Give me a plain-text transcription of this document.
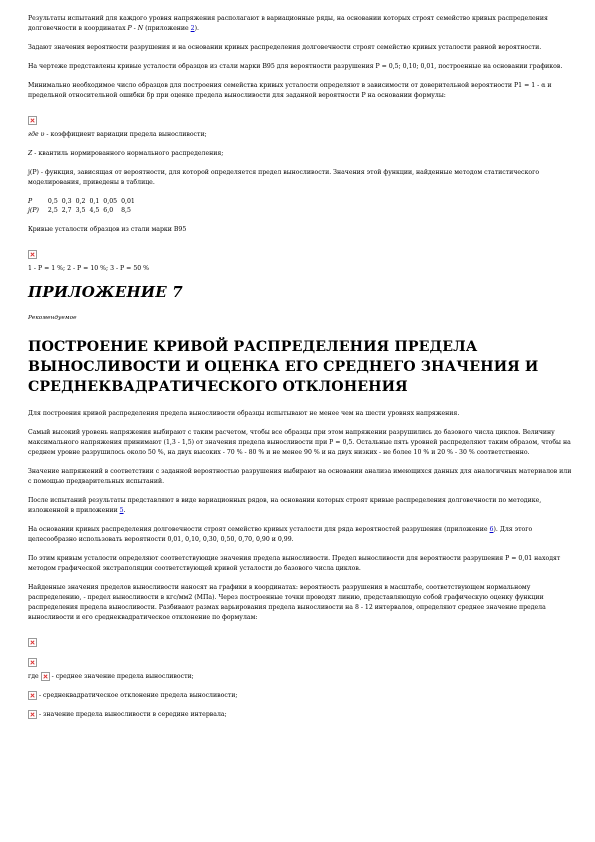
Результаты испытаний для каждого уровня напряжения располагают в вариационные ряды, на основании которых строят семейство кривых распределения долговечности в координатах P - N (приложение 2).

Задают значения вероятности разрушения и на основании кривых распределения долговечности строят семейство кривых усталости равной вероятности.

На чертеже представлены кривые усталости образцов из стали марки В95 для вероятности разрушения P = 0,5; 0,10; 0,01, построенные на основании графиков.

Минимально необходимое число образцов для построения семейства кривых усталости определяют в зависимости от доверительной вероятности P1 = 1 - α и предельной относительной ошибки δp при оценке предела выносливости для заданной вероятности P на основании формулы:

где υ - коэффициент вариации предела выносливости;

Z - квантиль нормированного нормального распределения;

j(P) - функция, зависящая от вероятности, для которой определяется предел выносливости. Значения этой функции, найденные методом статистического моделирования, приведены в таблице.

P	0,5	0,3	0,2	0,1	0,05	0,01
j(P)	2,5	2,7	3,5	4,5	6,0	8,5

Кривые усталости образцов из стали марки В95

1 - P = 1 %; 2 - P = 10 %; 3 - P = 50 %

ПРИЛОЖЕНИЕ 7

Рекомендуемое

ПОСТРОЕНИЕ КРИВОЙ РАСПРЕДЕЛЕНИЯ ПРЕДЕЛА ВЫНОСЛИВОСТИ И ОЦЕНКА ЕГО СРЕДНЕГО ЗНАЧЕНИЯ И СРЕДНЕКВАДРАТИЧЕСКОГО ОТКЛОНЕНИЯ

Для построения кривой распределения предела выносливости образцы испытывают не менее чем на шести уровнях напряжения.

Самый высокий уровень напряжения выбирают с таким расчетом, чтобы все образцы при этом напряжении разрушились до базового числа циклов. Величину максимального напряжения принимают (1,3 - 1,5) от значения предела выносливости при P = 0,5. Остальные пять уровней распределяют таким образом, чтобы на среднем уровне разрушилось около 50 %, на двух высоких - 70 % - 80 % и не менее 90 % и на двух низких - не более 10 % и 20 % - 30 % соответственно.

Значение напряжений в соответствии с заданной вероятностью разрушения выбирают на основании анализа имеющихся данных для аналогичных материалов или с помощью предварительных испытаний.

После испытаний результаты представляют в виде вариационных рядов, на основании которых строят кривые распределения долговечности по методике, изложенной в приложении 5.

На основании кривых распределения долговечности строят семейство кривых усталости для ряда вероятностей разрушения (приложение 6). Для этого целесообразно использовать вероятности 0,01, 0,10, 0,30, 0,50, 0,70, 0,90 и 0,99.

По этим кривым усталости определяют соответствующие значения предела выносливости. Предел выносливости для вероятности разрушения P = 0,01 находят методом графической экстраполяции соответствующей кривой усталости до базового числа циклов.

Найденные значения пределов выносливости наносят на графики в координатах: вероятность разрушения в масштабе, соответствующем нормальному распределению, - предел выносливости в кгс/мм2 (МПа). Через построенные точки проводят линию, представляющую собой графическую оценку функции распределения предела выносливости. Разбивают размах варьирования предела выносливости на 8 - 12 интервалов, определяют среднее значение предела выносливости и его среднеквадратическое отклонение по формулам:

где  - среднее значение предела выносливости;

- среднеквадратическое отклонение предела выносливости;

- значение предела выносливости в середине интервала;
